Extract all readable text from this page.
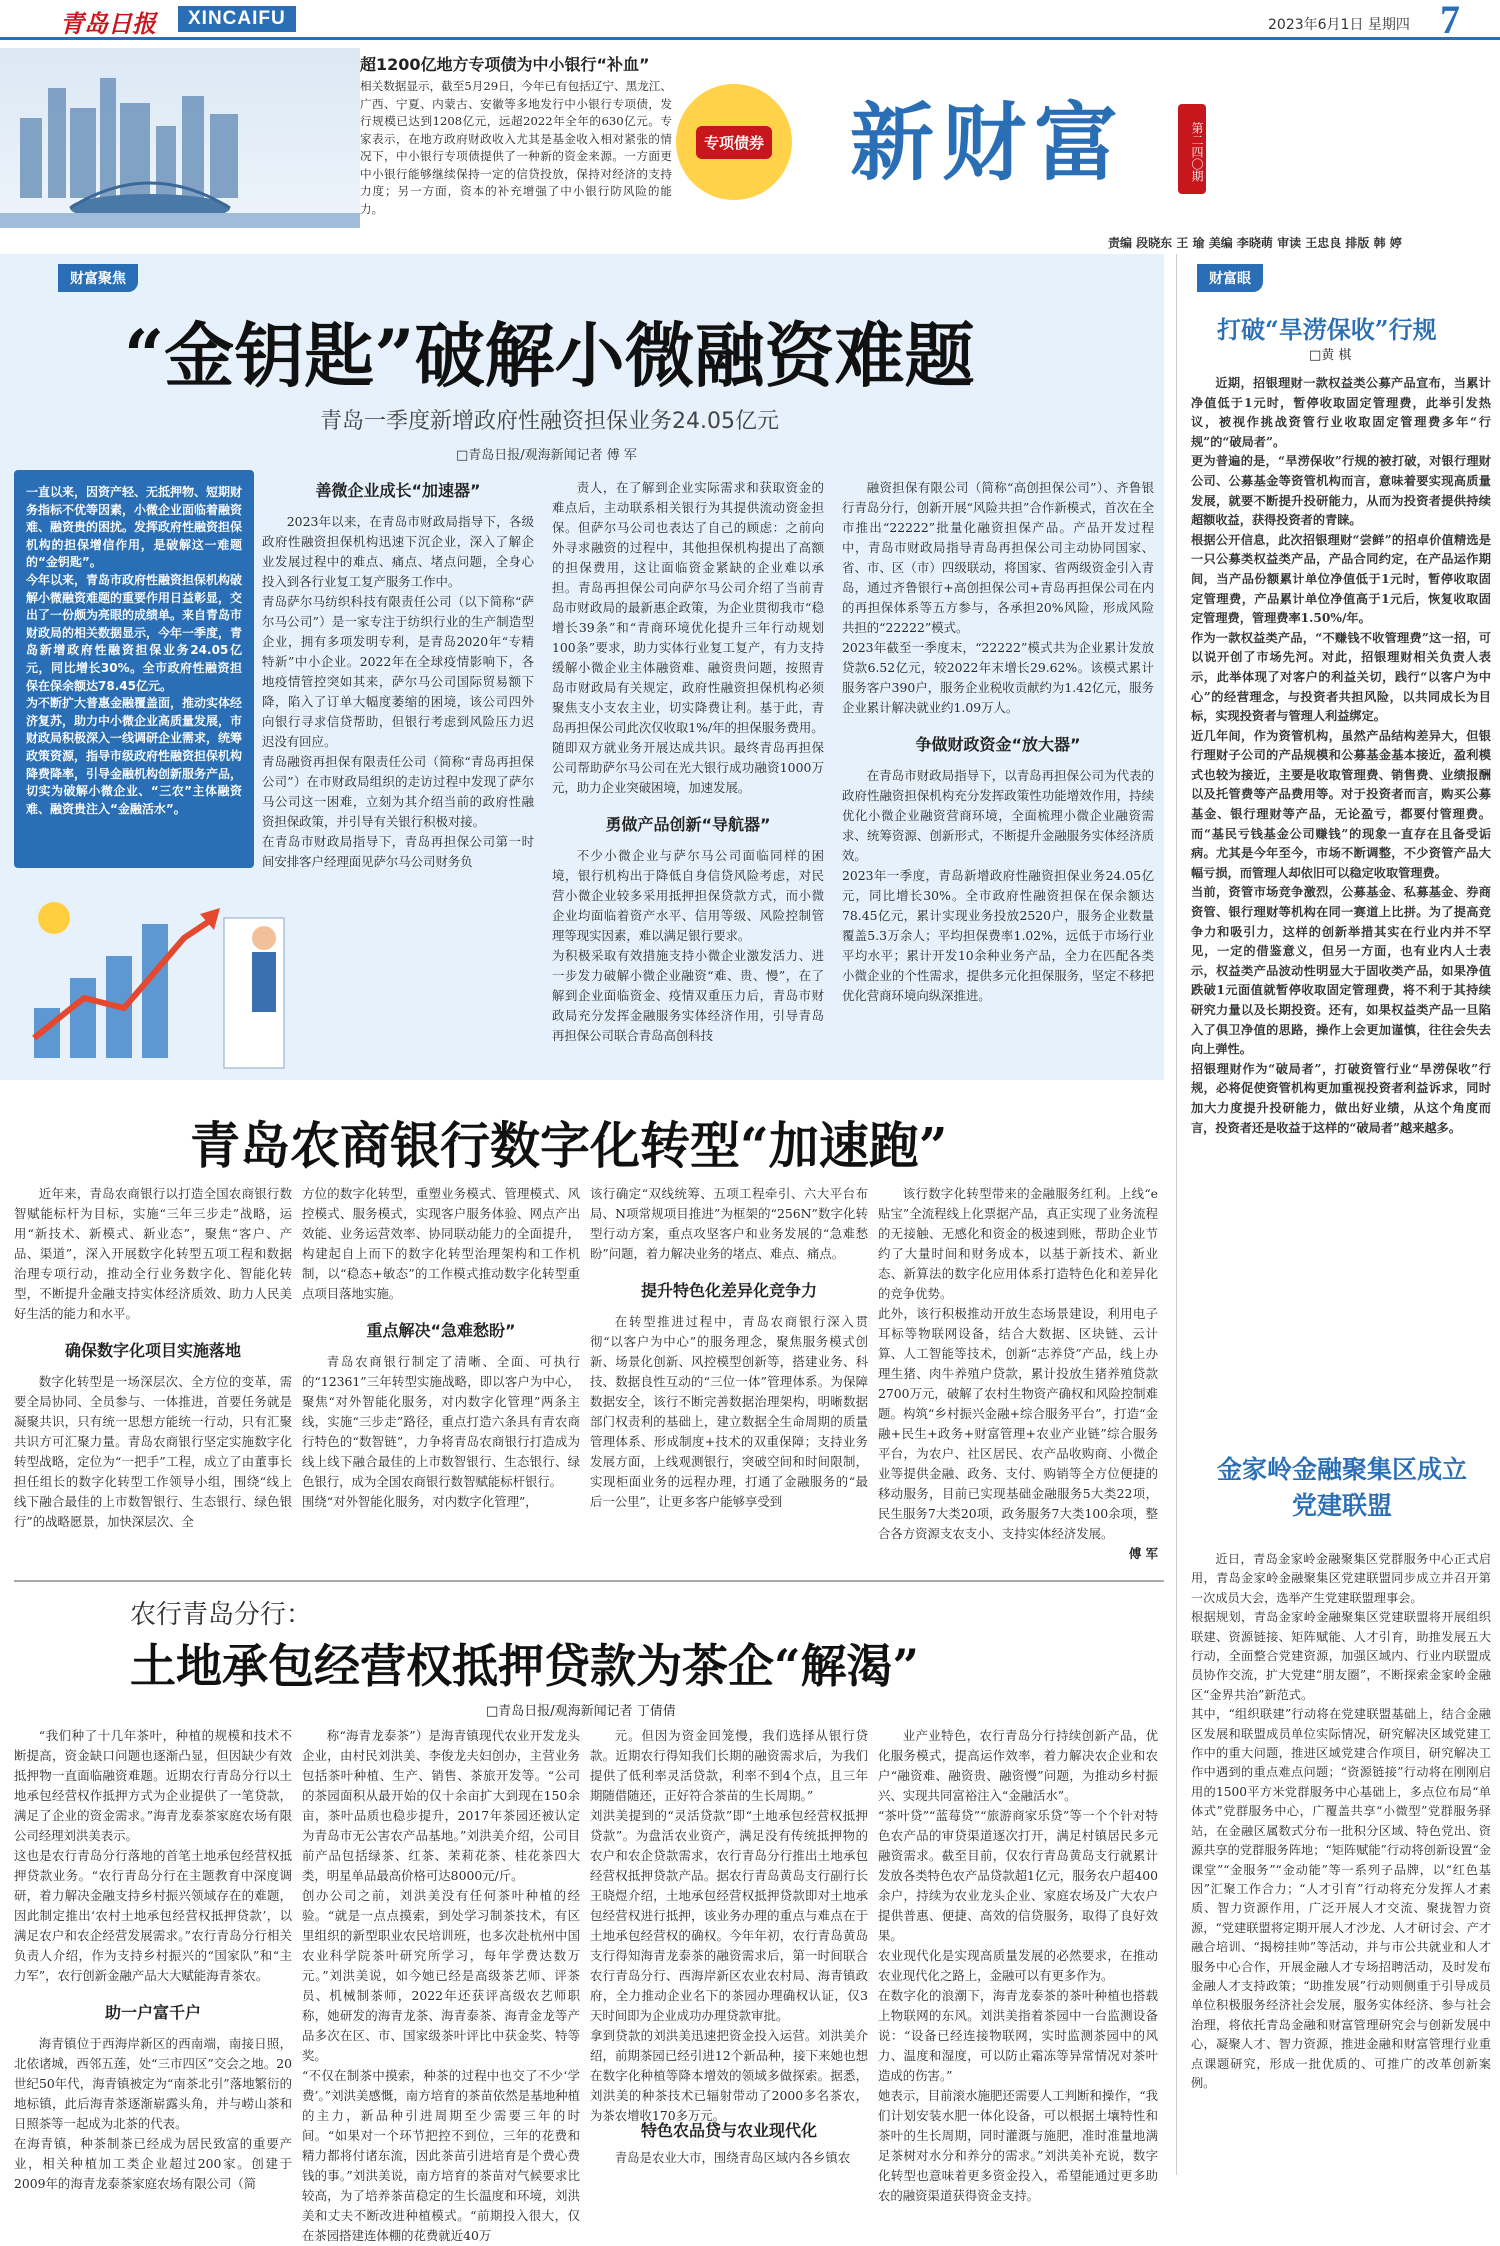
青岛日报	XINCAIFU	2023年6月1日 星期四 7
超1200亿地方专项债为中小银行“补血”
专项债券
相关数据显示，截至5月29日，今年已有包括辽宁、黑龙江、广西、宁夏、内蒙古、安徽等多地发行中小银行专项债，发行规模已达到1208亿元，远超2022年全年的630亿元。专家表示，在地方政府财政收入尤其是基金收入相对紧张的情况下，中小银行专项债提供了一种新的资金来源。一方面更中小银行能够继续保持一定的信贷投放，保持对经济的支持力度；另一方面，资本的补充增强了中小银行防风险的能力。
新财富	第二四〇期
责编 段晓东 王 瑜 美编 李晓萌 审读 王忠良 排版 韩 婷
财富聚焦
“金钥匙”破解小微融资难题
青岛一季度新增政府性融资担保业务24.05亿元
□青岛日报/观海新闻记者 傅 军
一直以来，因资产轻、无抵押物、短期财务指标不优等因素，小微企业面临着融资难、融资贵的困扰。发挥政府性融资担保机构的担保增信作用，是破解这一难题的“金钥匙”。
今年以来，青岛市政府性融资担保机构破解小微融资难题的重要作用日益彰显，交出了一份颇为亮眼的成绩单。来自青岛市财政局的相关数据显示，今年一季度，青岛新增政府性融资担保业务24.05亿元，同比增长30%。全市政府性融资担保在保余额达78.45亿元。
为不断扩大普惠金融覆盖面，推动实体经济复苏，助力中小微企业高质量发展，市财政局积极深入一线调研企业需求，统筹政策资源，指导市级政府性融资担保机构降费降率，引导金融机构创新服务产品，切实为破解小微企业、“三农”主体融资难、融资贵注入“金融活水”。
善微企业成长“加速器”
2023年以来，在青岛市财政局指导下，各级政府性融资担保机构迅速下沉企业，深入了解企业发展过程中的难点、痛点、堵点问题，全身心投入到各行业复工复产服务工作中。
青岛萨尔马纺织科技有限责任公司（以下简称“萨尔马公司”）是一家专注于纺织行业的生产制造型企业，拥有多项发明专利，是青岛2020年“专精特新”中小企业。2022年在全球疫情影响下，各地疫情管控突如其来，萨尔马公司国际贸易额下降，陷入了订单大幅度萎缩的困境，该公司四外向银行寻求信贷帮助，但银行考虑到风险压力迟迟没有回应。
青岛融资再担保有限责任公司（简称“青岛再担保公司”）在市财政局组织的走访过程中发现了萨尔马公司这一困难，立刻为其介绍当前的政府性融资担保政策，并引导有关银行积极对接。
在青岛市财政局指导下，青岛再担保公司第一时间安排客户经理面见萨尔马公司财务负
责人，在了解到企业实际需求和获取资金的难点后，主动联系相关银行为其提供流动资金担保。但萨尔马公司也表达了自己的顾虑：之前向外寻求融资的过程中，其他担保机构提出了高额的担保费用，这让面临资金紧缺的企业难以承担。青岛再担保公司向萨尔马公司介绍了当前青岛市财政局的最新惠企政策，为企业贯彻我市“稳增长39条”和“青商环境优化提升三年行动规划100条”要求，助力实体行业复工复产，有力支持缓解小微企业主体融资难、融资贵问题，按照青岛市财政局有关规定，政府性融资担保机构必须聚焦支小支农主业，切实降费让利。基于此，青岛再担保公司此次仅收取1%/年的担保服务费用。
随即双方就业务开展达成共识。最终青岛再担保公司帮助萨尔马公司在光大银行成功融资1000万元，助力企业突破困境，加速发展。
勇做产品创新“导航器”
不少小微企业与萨尔马公司面临同样的困境，银行机构出于降低自身信贷风险考虑，对民营小微企业较多采用抵押担保贷款方式，而小微企业均面临着资产水平、信用等级、风险控制管理等现实因素，难以满足银行要求。
为积极采取有效措施支持小微企业激发活力、进一步发力破解小微企业融资“难、贵、慢”，在了解到企业面临资金、疫情双重压力后，青岛市财政局充分发挥金融服务实体经济作用，引导青岛再担保公司联合青岛高创科技
融资担保有限公司（简称“高创担保公司”）、齐鲁银行青岛分行，创新开展“风险共担”合作新模式，首次在全市推出“22222”批量化融资担保产品。产品开发过程中，青岛市财政局指导青岛再担保公司主动协同国家、省、市、区（市）四级联动，将国家、省两级资金引入青岛，通过齐鲁银行+高创担保公司+青岛再担保公司在内的再担保体系等五方参与，各承担20%风险，形成风险共担的“22222”模式。
2023年截至一季度末，“22222”模式共为企业累计发放贷款6.52亿元，较2022年末增长29.62%。该模式累计服务客户390户，服务企业税收贡献约为1.42亿元，服务企业累计解决就业约1.09万人。
争做财政资金“放大器”
在青岛市财政局指导下，以青岛再担保公司为代表的政府性融资担保机构充分发挥政策性功能增效作用，持续优化小微企业融资营商环境，全面梳理小微企业融资需求、统筹资源、创新形式，不断提升金融服务实体经济质效。
2023年一季度，青岛新增政府性融资担保业务24.05亿元，同比增长30%。全市政府性融资担保在保余额达78.45亿元，累计实现业务投放2520户，服务企业数量覆盖5.3万余人；平均担保费率1.02%，远低于市场行业平均水平；累计开发10余种业务产品，全力在匹配各类小微企业的个性需求，提供多元化担保服务，坚定不移把优化营商环境向纵深推进。
财富眼
打破“旱涝保收”行规
□黄 棋
近期，招银理财一款权益类公募产品宣布，当累计净值低于1元时，暂停收取固定管理费，此举引发热议，被视作挑战资管行业收取固定管理费多年“行规”的“破局者”。
更为普遍的是，“旱涝保收”行规的被打破，对银行理财公司、公募基金等资管机构而言，意味着要实现高质量发展，就要不断提升投研能力，从而为投资者提供持续超额收益，获得投资者的青睐。
根据公开信息，此次招银理财“尝鲜”的招卓价值精选是一只公募类权益类产品，产品合同约定，在产品运作期间，当产品份额累计单位净值低于1元时，暂停收取固定管理费，产品累计单位净值高于1元后，恢复收取固定管理费，管理费率1.50%/年。
作为一款权益类产品，“不赚钱不收管理费”这一招，可以说开创了市场先河。对此，招银理财相关负责人表示，此举体现了对客户的利益关切，践行“以客户为中心”的经营理念，与投资者共担风险，以共同成长为目标，实现投资者与管理人利益绑定。
近几年间，作为资管机构，虽然产品结构差异大，但银行理财子公司的产品规模和公募基金基本接近，盈利模式也较为接近，主要是收取管理费、销售费、业绩报酬以及托管费等产品费用等。对于投资者而言，购买公募基金、银行理财等产品，无论盈亏，都要付管理费。而“基民亏钱基金公司赚钱”的现象一直存在且备受诟病。尤其是今年至今，市场不断调整，不少资管产品大幅亏损，而管理人却依旧可以稳定收取管理费。
当前，资管市场竞争激烈，公募基金、私募基金、券商资管、银行理财等机构在同一赛道上比拼。为了提高竞争力和吸引力，这样的创新举措其实在行业内并不罕见，一定的借鉴意义，但另一方面，也有业内人士表示，权益类产品波动性明显大于固收类产品，如果净值跌破1元面值就暂停收取固定管理费，将不利于其持续研究力量以及长期投资。还有，如果权益类产品一旦陷入了俱卫净值的思路，操作上会更加谨慎，往往会失去向上弹性。
招银理财作为“破局者”，打破资管行业“旱涝保收”行规，必将促使资管机构更加重视投资者利益诉求，同时加大力度提升投研能力，做出好业绩，从这个角度而言，投资者还是收益于这样的“破局者”越来越多。
金家岭金融聚集区成立党建联盟
近日，青岛金家岭金融聚集区党群服务中心正式启用，青岛金家岭金融聚集区党建联盟同步成立并召开第一次成员大会，选举产生党建联盟理事会。
根据规划，青岛金家岭金融聚集区党建联盟将开展组织联建、资源链接、矩阵赋能、人才引育，助推发展五大行动，全面整合党建资源，加强区域内、行业内联盟成员协作交流，扩大党建“朋友圈”，不断探索金家岭金融区“金界共治”新范式。
其中，“组织联建”行动将在党建联盟基础上，结合金融区发展和联盟成员单位实际情况，研究解决区域党建工作中的重大问题，推进区域党建合作项目，研究解决工作中遇到的重点难点问题；“资源链接”行动将在刚刚启用的1500平方米党群服务中心基础上，多点位布局“单体式”党群服务中心，广覆盖共享“小微型”党群服务驿站，在金融区属数式分布一批积分区域、特色党出、资源共享的党群服务阵地；“矩阵赋能”行动将创新设置“金课堂”“金服务”“金动能”等一系列子品牌，以“红色基因”汇聚工作合力；“人才引育”行动将充分发挥人才素质、智力资源作用，广泛开展人才交流、聚拢智力资源，“党建联盟将定期开展人才沙龙、人才研讨会、产才融合培训、“揭榜挂帅”等活动，并与市公共就业和人才服务中心合作，开展金融人才专场招聘活动，及时发布金融人才支持政策；“助推发展”行动则侧重于引导成员单位积极服务经济社会发展，服务实体经济、参与社会治理，将依托青岛金融和财富管理研究会与创新发展中心，凝聚人才、智力资源，推进金融和财富管理行业重点课题研究，形成一批优质的、可推广的改革创新案例。
青岛农商银行数字化转型“加速跑”
近年来，青岛农商银行以打造全国农商银行数智赋能标杆为目标，实施“三年三步走”战略，运用“新技术、新模式、新业态”，聚焦“客户、产品、渠道”，深入开展数字化转型五项工程和数据治理专项行动，推动全行业务数字化、智能化转型，不断提升金融支持实体经济质效、助力人民美好生活的能力和水平。
确保数字化项目实施落地
数字化转型是一场深层次、全方位的变革，需要全局协同、全员参与、一体推进，首要任务就是凝聚共识，只有统一思想方能统一行动，只有汇聚共识方可汇聚力量。青岛农商银行坚定实施数字化转型战略，定位为“一把手”工程，成立了由董事长担任组长的数字化转型工作领导小组，围绕“线上线下融合最佳的上市数智银行、生态银行、绿色银行”的战略愿景，加快深层次、全
方位的数字化转型，重塑业务模式、管理模式、风控模式、服务模式，实现客户服务体验、网点产出效能、业务运营效率、协同联动能力的全面提升，构建起自上而下的数字化转型治理架构和工作机制，以“稳态+敏态”的工作模式推动数字化转型重点项目落地实施。
重点解决“急难愁盼”
青岛农商银行制定了清晰、全面、可执行的“12361”三年转型实施战略，即以客户为中心，聚焦“对外智能化服务，对内数字化管理”两条主线，实施“三步走”路径，重点打造六条具有青农商行特色的“数智链”，力争将青岛农商银行打造成为线上线下融合最佳的上市数智银行、生态银行、绿色银行，成为全国农商银行数智赋能标杆银行。
围绕“对外智能化服务，对内数字化管理”，
该行确定“双线统筹、五项工程牵引、六大平台布局、N项常规项目推进”为框架的“256N”数字化转型行动方案，重点攻坚客户和业务发展的“急难愁盼”问题，着力解决业务的堵点、难点、痛点。
提升特色化差异化竞争力
在转型推进过程中，青岛农商银行深入贯彻“以客户为中心”的服务理念，聚焦服务模式创新、场景化创新、风控模型创新等，搭建业务、科技、数据良性互动的“三位一体”管理体系。为保障数据安全，该行不断完善数据治理架构，明晰数据部门权责利的基础上，建立数据全生命周期的质量管理体系、形成制度+技术的双重保障；支持业务发展方面，上线观测银行，突破空间和时间限制，实现柜面业务的远程办理，打通了金融服务的“最后一公里”，让更多客户能够享受到
该行数字化转型带来的金融服务红利。上线“e贴宝”全流程线上化票据产品，真正实现了业务流程的无接触、无感化和资金的极速到账，帮助企业节约了大量时间和财务成本，以基于新技术、新业态、新算法的数字化应用体系打造特色化和差异化的竞争优势。
此外，该行积极推动开放生态场景建设，利用电子耳标等物联网设备，结合大数据、区块链、云计算、人工智能等技术，创新“志养贷”产品，线上办理生猪、肉牛养殖户贷款，累计投放生猪养殖贷款2700万元，破解了农村生物资产确权和风险控制难题。构筑“乡村振兴金融+综合服务平台”，打造“金融+民生+政务+财富管理+农业产业链”综合服务平台，为农户、社区居民、农产品收购商、小微企业等提供金融、政务、支付、购销等全方位便捷的移动服务，目前已实现基础金融服务5大类22项，民生服务7大类20项，政务服务7大类100余项，整合各方资源支农支小、支持实体经济发展。
傅 军
农行青岛分行：
土地承包经营权抵押贷款为茶企“解渴”
□青岛日报/观海新闻记者 丁倩倩
“我们种了十几年茶叶，种植的规模和技术不断提高，资金缺口问题也逐渐凸显，但因缺少有效抵押物一直面临融资难题。近期农行青岛分行以土地承包经营权作抵押方式为企业提供了一笔贷款，满足了企业的资金需求。”海青龙泰茶家庭农场有限公司经理刘洪美表示。
这也是农行青岛分行落地的首笔土地承包经营权抵押贷款业务。“农行青岛分行在主题教育中深度调研，着力解决金融支持乡村振兴领域存在的难题，因此制定推出‘农村土地承包经营权抵押贷款’，以满足农户和农企经营发展需求。”农行青岛分行相关负责人介绍，作为支持乡村振兴的“国家队”和“主力军”，农行创新金融产品大大赋能海青茶农。
助一户富千户
海青镇位于西海岸新区的西南端，南接日照，北依诸城，西邻五莲，处“三市四区”交会之地。20世纪50年代，海青镇被定为“南茶北引”落地繁衍的地标镇，此后海青茶逐渐崭露头角，并与崂山茶和日照茶等一起成为北茶的代表。
在海青镇，种茶制茶已经成为居民致富的重要产业，相关种植加工类企业超过200家。创建于2009年的海青龙泰茶家庭农场有限公司（简
称“海青龙泰茶”）是海青镇现代农业开发龙头企业，由村民刘洪美、李俊龙夫妇创办，主营业务包括茶叶种植、生产、销售、茶旅开发等。“公司的茶园面积从最开始的仅十余亩扩大到现在150余亩，茶叶品质也稳步提升，2017年茶园还被认定为青岛市无公害农产品基地。”刘洪美介绍，公司目前产品包括绿茶、红茶、茉莉花茶、桂花茶四大类，明星单品最高价格可达8000元/斤。
创办公司之前，刘洪美没有任何茶叶种植的经验。“就是一点点摸索，到处学习制茶技术，有区里组织的新型职业农民培训班，也多次赴杭州中国农业科学院茶叶研究所学习，每年学费达数万元。”刘洪美说，如今她已经是高级茶艺师、评茶员、机械制茶师，2022年还获评高级农艺师职称，她研发的海青龙茶、海青泰茶、海青金龙等产品多次在区、市、国家级茶叶评比中获金奖、特等奖。
“不仅在制茶中摸索，种茶的过程中也交了不少‘学费’。”刘洪美感慨，南方培育的茶苗依然是基地种植的主力，新品种引进周期至少需要三年的时间。“如果对一个环节把控不到位，三年的花费和精力都将付诸东流，因此茶苗引进培育是个费心费钱的事。”刘洪美说，南方培育的茶苗对气候要求比较高，为了培养茶苗稳定的生长温度和环境，刘洪美和丈夫不断改进种植模式。“前期投入很大，仅在茶园搭建连体棚的花费就近40万
元。但因为资金回笼慢，我们选择从银行贷款。近期农行得知我们长期的融资需求后，为我们提供了低利率灵活贷款，利率不到4个点，且三年期随借随还，正好符合茶苗的生长周期。”
刘洪美提到的“灵活贷款”即“土地承包经营权抵押贷款”。为盘活农业资产，满足没有传统抵押物的农户和农企贷款需求，农行青岛分行推出土地承包经营权抵押贷款产品。据农行青岛黄岛支行副行长王晓煜介绍，土地承包经营权抵押贷款即对土地承包经营权进行抵押，该业务办理的重点与难点在于土地承包经营权的确权。今年年初，农行青岛黄岛支行得知海青龙泰茶的融资需求后，第一时间联合农行青岛分行、西海岸新区农业农村局、海青镇政府，全力推动企业名下的茶园办理确权认证，仅3天时间即为企业成功办理贷款审批。
拿到贷款的刘洪美迅速把资金投入运营。刘洪美介绍，前期茶园已经引进12个新品种，接下来她也想在数字化种植等降本增效的领域多做探索。据悉，刘洪美的种茶技术已辐射带动了2000多名茶农，为茶农增收170多万元。
特色农品贷与农业现代化
青岛是农业大市，围绕青岛区域内各乡镇农
业产业特色，农行青岛分行持续创新产品，优化服务模式，提高运作效率，着力解决农企业和农户“融资难、融资贵、融资慢”问题，为推动乡村振兴、实现共同富裕注入“金融活水”。
“茶叶贷”“蓝莓贷”“旅游商家乐贷”等一个个针对特色农产品的审贷渠道逐次打开，满足村镇居民多元融资需求。截至目前，仅农行青岛黄岛支行就累计发放各类特色农产品贷款超1亿元，服务农户超400余户，持续为农业龙头企业、家庭农场及广大农户提供普惠、便捷、高效的信贷服务，取得了良好效果。
农业现代化是实现高质量发展的必然要求，在推动农业现代化之路上，金融可以有更多作为。
在数字化的浪潮下，海青龙泰茶的茶叶种植也搭载上物联网的东风。刘洪美指着茶园中一台监测设备说：“设备已经连接物联网，实时监测茶园中的风力、温度和湿度，可以防止霜冻等异常情况对茶叶造成的伤害。”
她表示，目前滚水施肥还需要人工判断和操作，“我们计划安装水肥一体化设备，可以根据土壤特性和茶叶的生长周期，同时灌溉与施肥，准时准量地满足茶树对水分和养分的需求。”刘洪美补充说，数字化转型也意味着更多资金投入，希望能通过更多助农的融资渠道获得资金支持。
